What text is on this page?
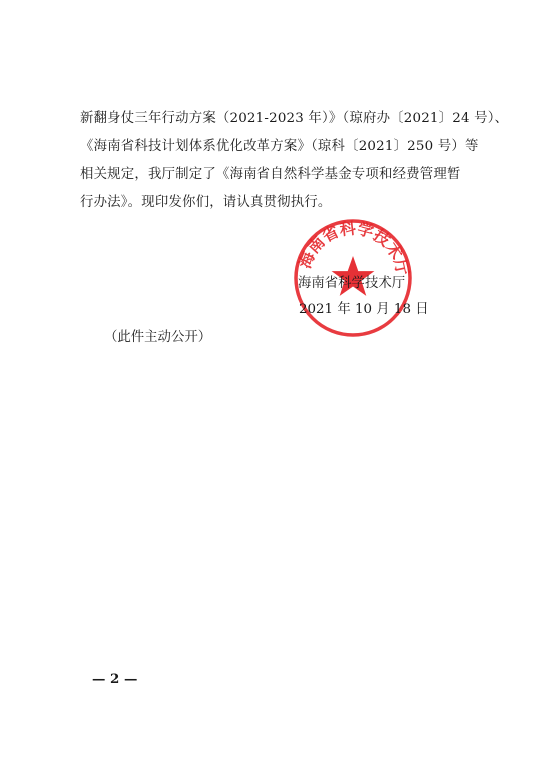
新翻身仗三年行动方案（2021-2023 年）》（琼府办〔2021〕24 号）、
《海南省科技计划体系优化改革方案》（琼科〔2021〕250 号）等
相关规定，我厅制定了《海南省自然科学基金专项和经费管理暂
行办法》。现印发你们，请认真贯彻执行。
海南省科学技术厅
海南省科学技术厅
2021 年 10 月 18 日
（此件主动公开）
— 2 —
